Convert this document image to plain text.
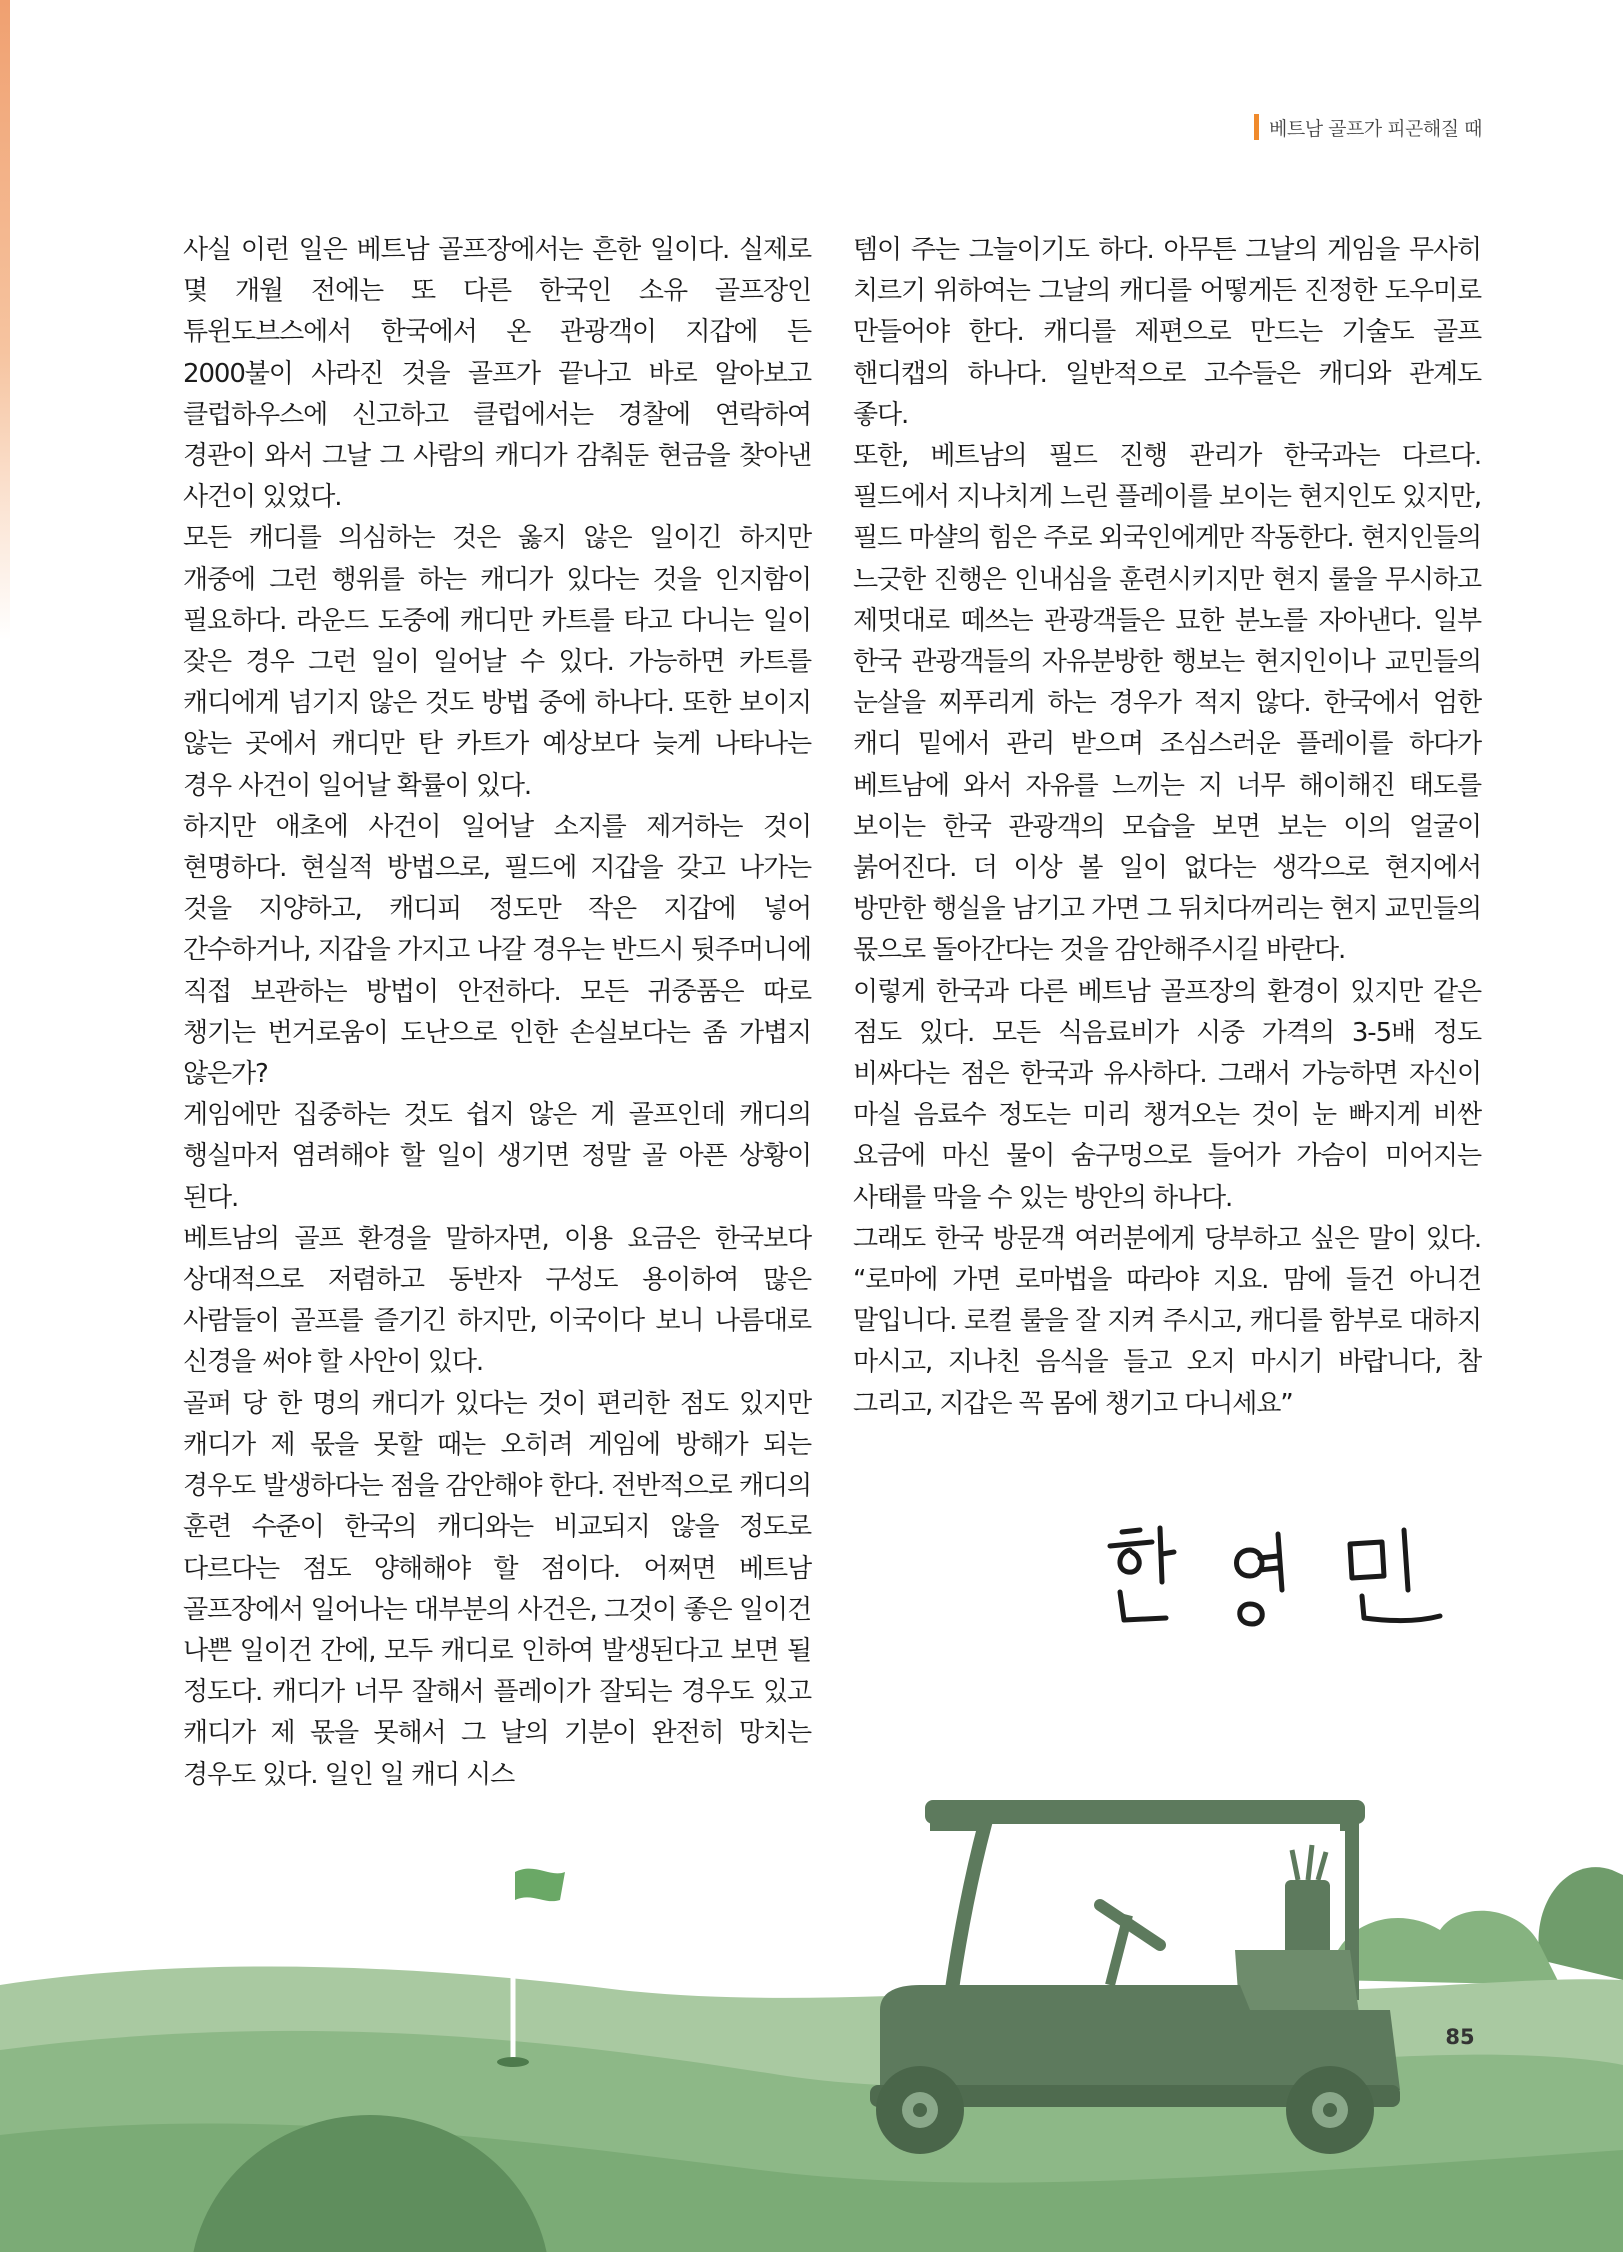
베트남 골프가 피곤해질 때

사실 이런 일은 베트남 골프장에서는 흔한 일이다. 실제로 몇 개월 전에는 또 다른 한국인 소유 골프장인 튜윈도브스에서 한국에서 온 관광객이 지갑에 든 2000불이 사라진 것을 골프가 끝나고 바로 알아보고 클럽하우스에 신고하고 클럽에서는 경찰에 연락하여 경관이 와서 그날 그 사람의 캐디가 감춰둔 현금을 찾아낸 사건이 있었다.

모든 캐디를 의심하는 것은 옳지 않은 일이긴 하지만 개중에 그런 행위를 하는 캐디가 있다는 것을 인지함이 필요하다. 라운드 도중에 캐디만 카트를 타고 다니는 일이 잦은 경우 그런 일이 일어날 수 있다. 가능하면 카트를 캐디에게 넘기지 않은 것도 방법 중에 하나다. 또한 보이지 않는 곳에서 캐디만 탄 카트가 예상보다 늦게 나타나는 경우 사건이 일어날 확률이 있다.

하지만 애초에 사건이 일어날 소지를 제거하는 것이 현명하다. 현실적 방법으로, 필드에 지갑을 갖고 나가는 것을 지양하고, 캐디피 정도만 작은 지갑에 넣어 간수하거나, 지갑을 가지고 나갈 경우는 반드시 뒷주머니에 직접 보관하는 방법이 안전하다. 모든 귀중품은 따로 챙기는 번거로움이 도난으로 인한 손실보다는 좀 가볍지 않은가?

게임에만 집중하는 것도 쉽지 않은 게 골프인데 캐디의 행실마저 염려해야 할 일이 생기면 정말 골 아픈 상황이 된다.

베트남의 골프 환경을 말하자면, 이용 요금은 한국보다 상대적으로 저렴하고 동반자 구성도 용이하여 많은 사람들이 골프를 즐기긴 하지만, 이국이다 보니 나름대로 신경을 써야 할 사안이 있다.

골퍼 당 한 명의 캐디가 있다는 것이 편리한 점도 있지만 캐디가 제 몫을 못할 때는 오히려 게임에 방해가 되는 경우도 발생하다는 점을 감안해야 한다. 전반적으로 캐디의 훈련 수준이 한국의 캐디와는 비교되지 않을 정도로 다르다는 점도 양해해야 할 점이다. 어쩌면 베트남 골프장에서 일어나는 대부분의 사건은, 그것이 좋은 일이건 나쁜 일이건 간에, 모두 캐디로 인하여 발생된다고 보면 될 정도다. 캐디가 너무 잘해서 플레이가 잘되는 경우도 있고 캐디가 제 몫을 못해서 그 날의 기분이 완전히 망치는 경우도 있다. 일인 일 캐디 시스

템이 주는 그늘이기도 하다. 아무튼 그날의 게임을 무사히 치르기 위하여는 그날의 캐디를 어떻게든 진정한 도우미로 만들어야 한다. 캐디를 제편으로 만드는 기술도 골프 핸디캡의 하나다. 일반적으로 고수들은 캐디와 관계도 좋다.

또한, 베트남의 필드 진행 관리가 한국과는 다르다. 필드에서 지나치게 느린 플레이를 보이는 현지인도 있지만, 필드 마샬의 힘은 주로 외국인에게만 작동한다. 현지인들의 느긋한 진행은 인내심을 훈련시키지만 현지 룰을 무시하고 제멋대로 떼쓰는 관광객들은 묘한 분노를 자아낸다. 일부 한국 관광객들의 자유분방한 행보는 현지인이나 교민들의 눈살을 찌푸리게 하는 경우가 적지 않다. 한국에서 엄한 캐디 밑에서 관리 받으며 조심스러운 플레이를 하다가 베트남에 와서 자유를 느끼는 지 너무 해이해진 태도를 보이는 한국 관광객의 모습을 보면 보는 이의 얼굴이 붉어진다. 더 이상 볼 일이 없다는 생각으로 현지에서 방만한 행실을 남기고 가면 그 뒤치다꺼리는 현지 교민들의 몫으로 돌아간다는 것을 감안해주시길 바란다.

이렇게 한국과 다른 베트남 골프장의 환경이 있지만 같은 점도 있다. 모든 식음료비가 시중 가격의 3-5배 정도 비싸다는 점은 한국과 유사하다. 그래서 가능하면 자신이 마실 음료수 정도는 미리 챙겨오는 것이 눈 빠지게 비싼 요금에 마신 물이 숨구멍으로 들어가 가슴이 미어지는 사태를 막을 수 있는 방안의 하나다.

그래도 한국 방문객 여러분에게 당부하고 싶은 말이 있다. “로마에 가면 로마법을 따라야 지요. 맘에 들건 아니건 말입니다. 로컬 룰을 잘 지켜 주시고, 캐디를 함부로 대하지 마시고, 지나친 음식을 들고 오지 마시기 바랍니다, 참 그리고, 지갑은 꼭 몸에 챙기고 다니세요”

85
